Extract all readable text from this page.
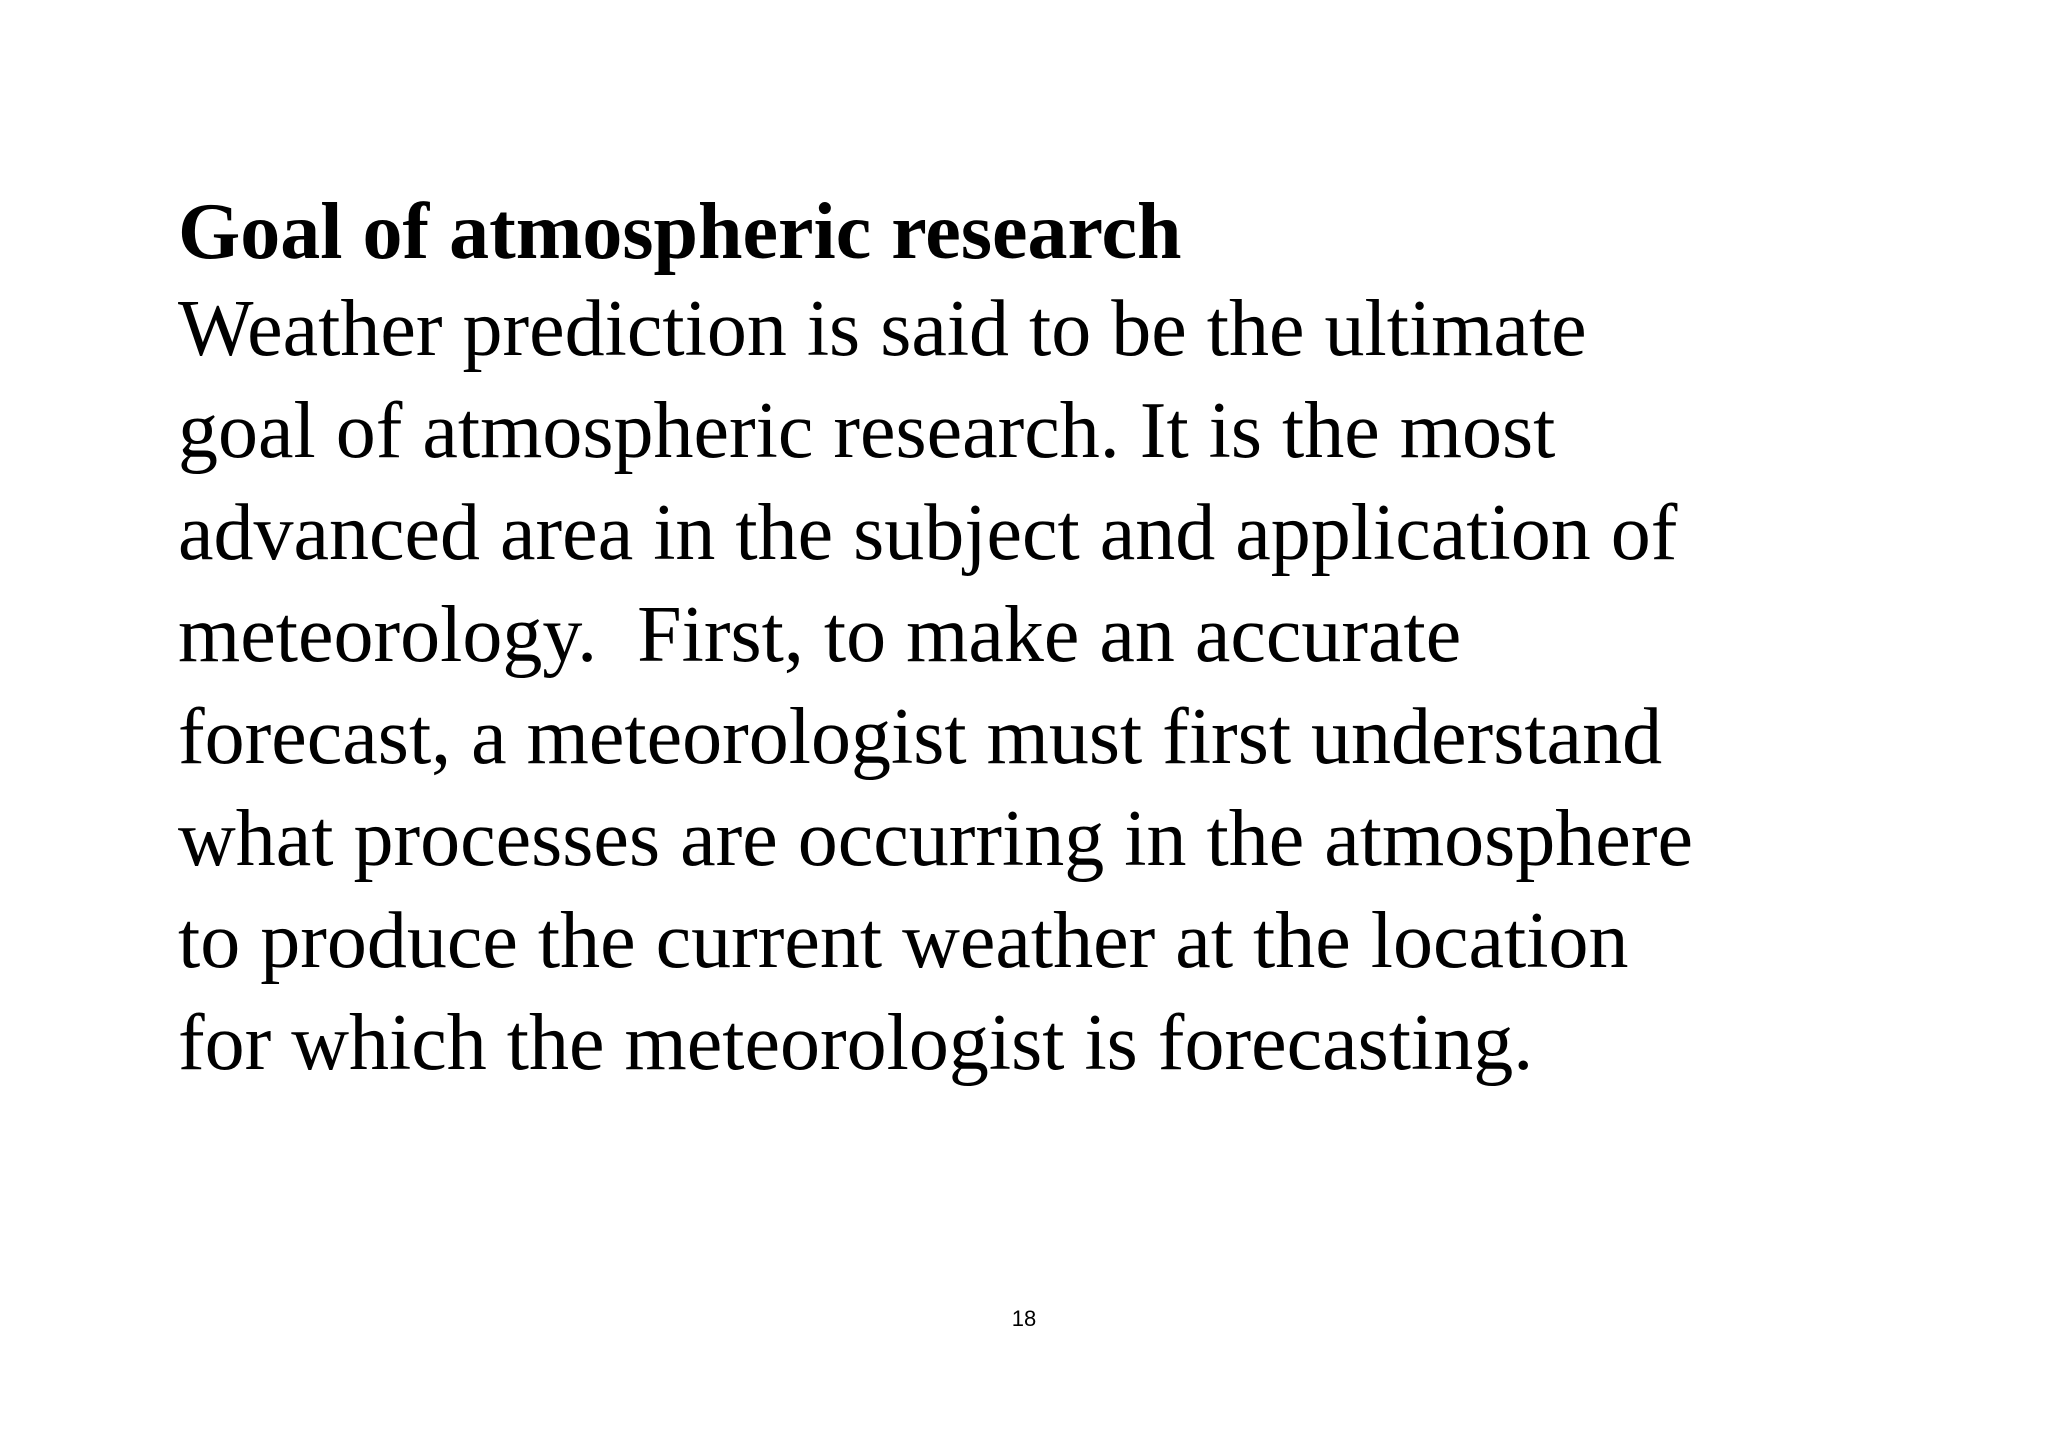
Goal of atmospheric research

Weather prediction is said to be the ultimate

goal of atmospheric research. It is the most

advanced area in the subject and application of

meteorology.  First, to make an accurate

forecast, a meteorologist must first understand

what processes are occurring in the atmosphere

to produce the current weather at the location

for which the meteorologist is forecasting.

18
